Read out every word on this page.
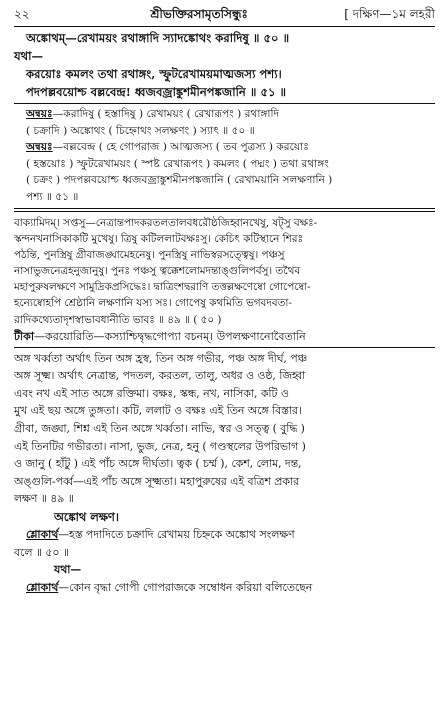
২২	শ্রীভক্তিরসামৃতসিন্ধুঃ	[ দক্ষিণ—১ম লহরী

অঙ্কোথম্—রেখাময়ং রথাঙ্গাদি স্যাদঙ্কোথং করাদিষু ॥ ৫০ ॥

যথা—

করয়োঃ কমলং তথা রথাঙ্গং, স্ফুটরেখাময়মাত্মজস্য পশ্য।

পদপল্লবয়োশ্চ বল্লবেন্দ্র! ধ্বজবজ্রাঙ্কুশমীনপঙ্কজানি ॥ ৫১ ॥

অন্বয়ঃ—করাদিষু ( হস্তাদিষু ) রেখাময়ং ( রেখারূপং ) রথাঙ্গাদি

( চক্রাদি ) অঙ্কোথং ( চিহ্নোথং সলক্ষণং ) স্যাৎ ॥ ৫০ ॥

অন্বয়ঃ—বল্লবেন্দ্র ( হে গোপরাজ ) আত্মজস্য ( তব পুত্রস্য ) করয়োঃ

( হস্তয়োঃ ) স্ফুটরেখাময়ং ( স্পষ্ট রেখারূপং ) কমলং ( পদ্মং ) তথা রথাঙ্গং

( চক্রং ) পদপল্লবয়োশ্চ ধ্বজবজ্রাঙ্কুশমীনপঙ্কজানি ( রেখাময়ানি সলক্ষণানি )

পশ্য ॥ ৫১ ॥

বাক্যামিদম্। সপ্তসু—নেত্রান্তপাদকরতলতালবধরৌষ্ঠজিহ্বানখেষু, ষট্সু বক্ষঃ-

স্কন্দনখনাসিকাকটি মুখেষু। ত্রিষু কটিললাটবক্ষঃসু। কেচিৎ কটিস্থানে শিরঃ

পঠন্তি, পুনস্ত্রিষু গ্রীবাজঙ্ঘামেহনেষু। পুনস্ত্রিষু নাভিস্বরসত্ত্বেষু। পঞ্চসু

নাসাভুজনেত্রহনুজানুষু। পুনঃ পঞ্চসু ত্বক্কেশলোমদন্তাঙ্গুলিপর্বসু। তথৈব

মহাপুরুষলক্ষণে সামুদ্রিকপ্রসিদ্ধেঃ। দ্বাত্রিংশদ্বরাণি তত্তল্লক্ষণেষ্বো গোপেষ্বো-

হন্যেষ্বোহপি শ্রেষ্ঠানি লক্ষণানি যস্য সঃ। গোপেষু কথমিতি ভগবদবতা-

রাদিকথ্যেতাদৃশস্বাভাবধানীতি ভাবঃ ॥ ৪৯ ॥ ( ৫০ )

টীকা—করয়োরিতি—কস্যাশ্চিদ্বৃদ্ধগোপ্যা বচনম্। উপলক্ষণানোবৈতানি

অঙ্গ খর্ব্বতা অর্থাৎ তিন অঙ্গ হ্রস্ব, তিন অঙ্গ গভীর, পঞ্চ অঙ্গ দীর্ঘ, পঞ্চ

অঙ্গ সূক্ষ্ম। অর্থাৎ নেত্রান্ত, পদতল, করতল, তালু, অধর ও ওষ্ঠ, জিহ্বা

এবং নখ এই সাত অঙ্গে রক্তিমা। বক্ষঃ, স্কন্ধ, নখ, নাসিকা, কটি ও

মুখ এই ছয় অঙ্গে তুঙ্গতা। কটি, ললাট ও বক্ষঃ এই তিন অঙ্গে বিস্তার।

গ্রীবা, জঙ্ঘা, শিশ্ন এই তিন অঙ্গে খর্ব্বতা। নাভি, স্বর ও সত্ত্ব ( বুদ্ধি )

এই তিনটির গভীরতা। নাসা, ভুজ, নেত্র, হনু ( গণ্ডস্থলের উপরিভাগ )

ও জানু ( হাঁটু ) এই পাঁচ অঙ্গে দীর্ঘতা। ত্বক ( চর্ম্ম ), কেশ, লোম, দন্ত,

অঙ্গুলি-পর্ব্ব—এই পাঁচ অঙ্গে সূক্ষ্মতা। মহাপুরুষের এই বত্রিশ প্রকার

লক্ষণ ॥ ৪৯ ॥

অঙ্কোথ লক্ষণ।

শ্লোকার্থ—হস্ত পদাদিতে চক্রাদি রেখাময় চিহ্নকে অঙ্কোথ সংলক্ষণ

বলে ॥ ৫০ ॥

যথা—

শ্লোকার্থ—কোন বৃদ্ধা গোপী গোপরাজকে সম্বোধন করিয়া বলিতেছেন
